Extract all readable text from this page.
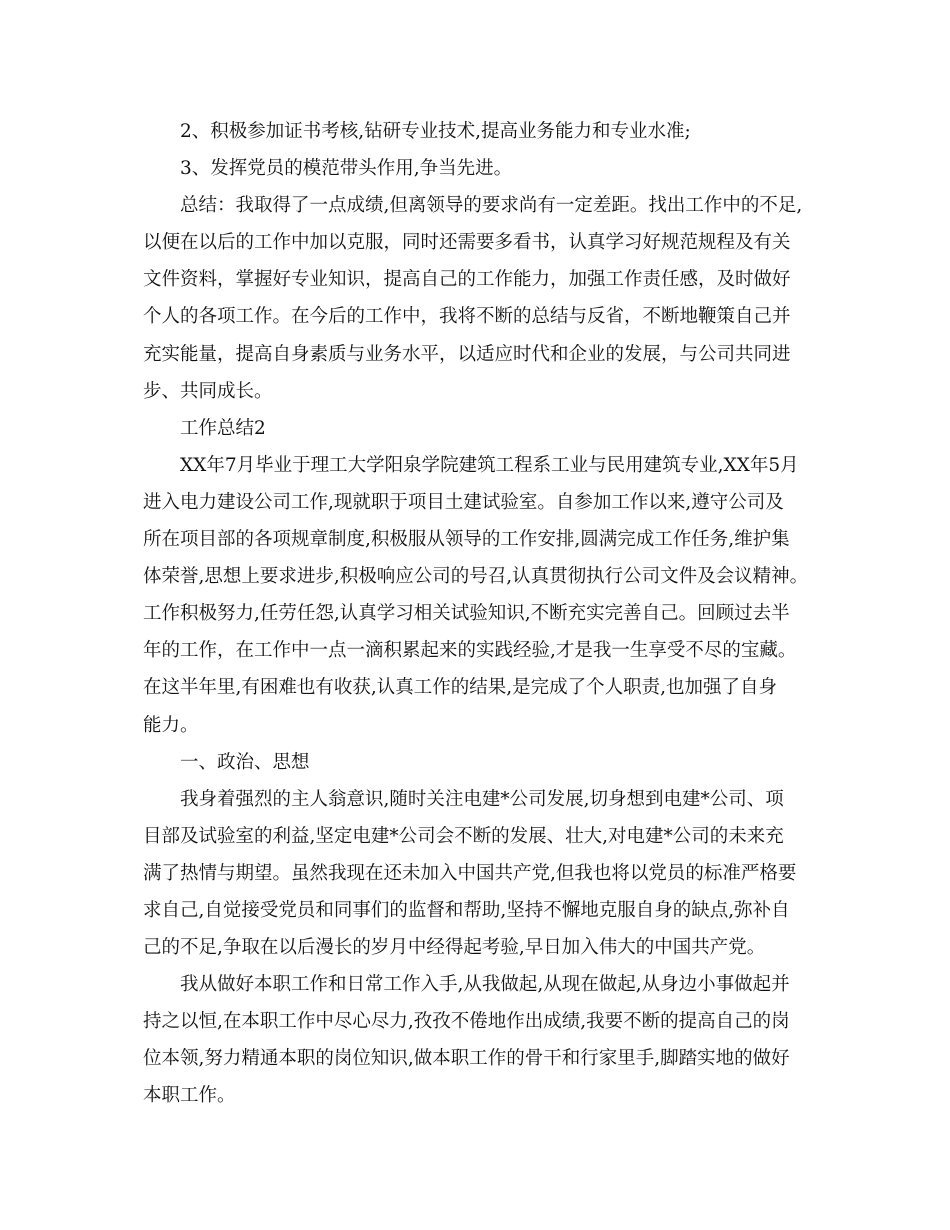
2、积极参加证书考核,钻研专业技术,提高业务能力和专业水准;
3、发挥党员的模范带头作用,争当先进。
总结：我取得了一点成绩,但离领导的要求尚有一定差距。找出工作中的不足,
以便在以后的工作中加以克服，同时还需要多看书，认真学习好规范规程及有关
文件资料，掌握好专业知识，提高自己的工作能力，加强工作责任感，及时做好
个人的各项工作。在今后的工作中，我将不断的总结与反省，不断地鞭策自己并
充实能量，提高自身素质与业务水平，以适应时代和企业的发展，与公司共同进
步、共同成长。
工作总结2
XX年7月毕业于理工大学阳泉学院建筑工程系工业与民用建筑专业,XX年5月
进入电力建设公司工作,现就职于项目土建试验室。自参加工作以来,遵守公司及
所在项目部的各项规章制度,积极服从领导的工作安排,圆满完成工作任务,维护集
体荣誉,思想上要求进步,积极响应公司的号召,认真贯彻执行公司文件及会议精神。
工作积极努力,任劳任怨,认真学习相关试验知识,不断充实完善自己。回顾过去半
年的工作，在工作中一点一滴积累起来的实践经验,才是我一生享受不尽的宝藏。
在这半年里,有困难也有收获,认真工作的结果,是完成了个人职责,也加强了自身
能力。
一、政治、思想
我身着强烈的主人翁意识,随时关注电建*公司发展,切身想到电建*公司、项
目部及试验室的利益,坚定电建*公司会不断的发展、壮大,对电建*公司的未来充
满了热情与期望。虽然我现在还未加入中国共产党,但我也将以党员的标准严格要
求自己,自觉接受党员和同事们的监督和帮助,坚持不懈地克服自身的缺点,弥补自
己的不足,争取在以后漫长的岁月中经得起考验,早日加入伟大的中国共产党。
我从做好本职工作和日常工作入手,从我做起,从现在做起,从身边小事做起并
持之以恒,在本职工作中尽心尽力,孜孜不倦地作出成绩,我要不断的提高自己的岗
位本领,努力精通本职的岗位知识,做本职工作的骨干和行家里手,脚踏实地的做好
本职工作。
